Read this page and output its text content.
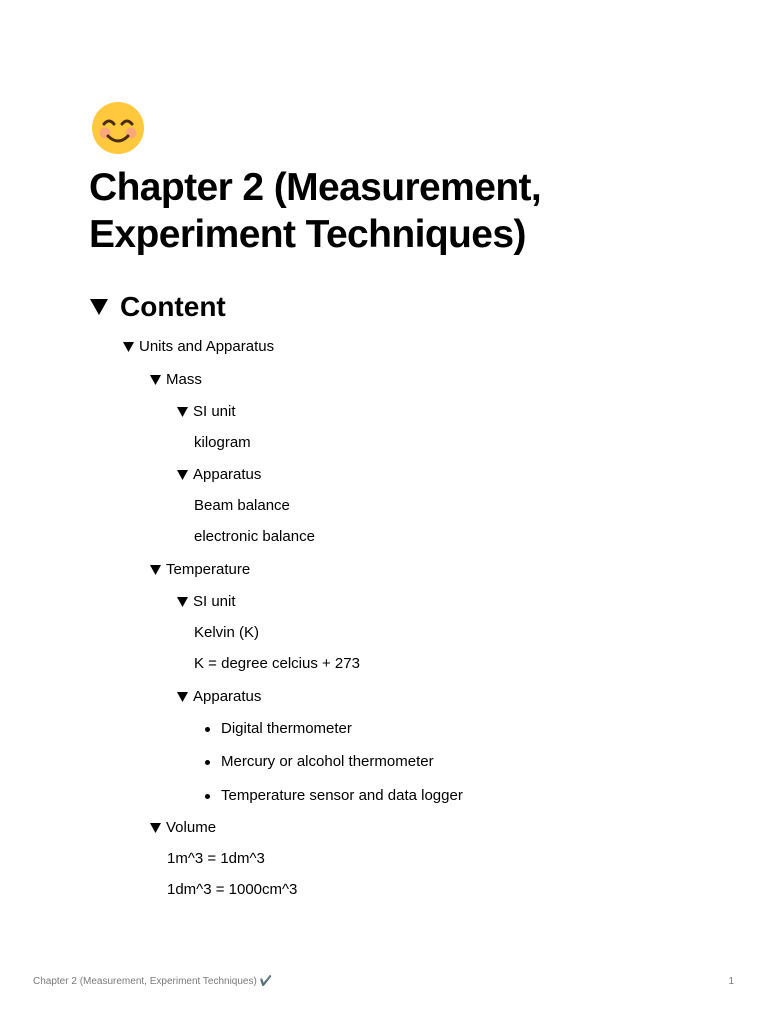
Chapter 2 (Measurement, Experiment Techniques)
Content
Units and Apparatus
Mass
SI unit
kilogram
Apparatus
Beam balance
electronic balance
Temperature
SI unit
Kelvin (K)
K = degree celcius + 273
Apparatus
Digital thermometer
Mercury or alcohol thermometer
Temperature sensor and data logger
Volume
1m^3 = 1dm^3
1dm^3 = 1000cm^3
Chapter 2 (Measurement, Experiment Techniques) ✔️	1
